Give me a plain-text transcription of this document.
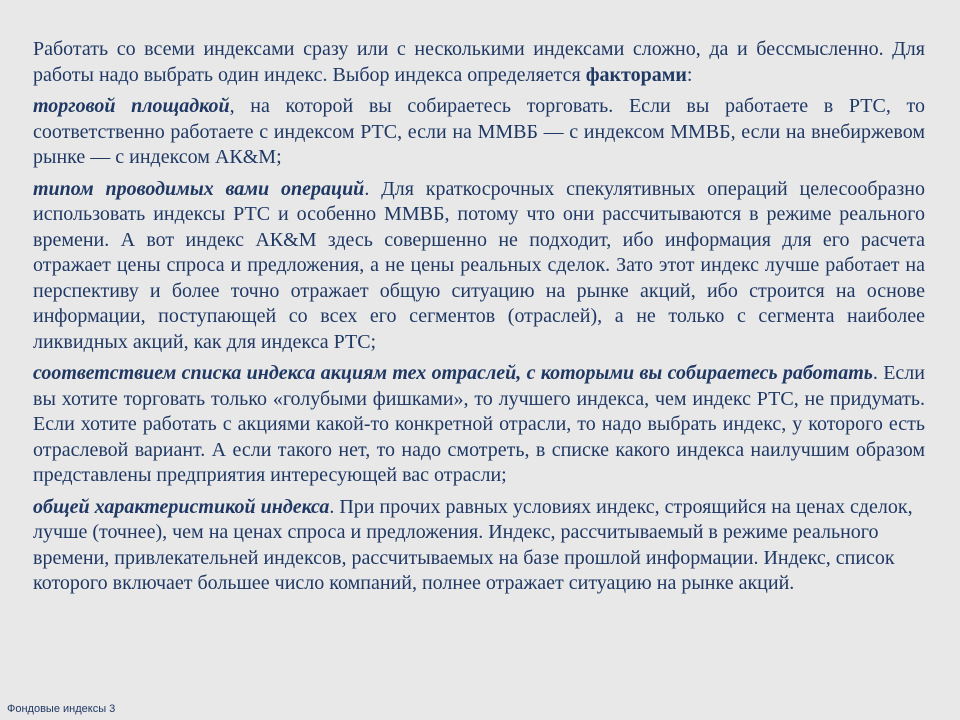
Работать со всеми индексами сразу или с несколькими индексами сложно, да и бессмысленно. Для работы надо выбрать один индекс. Выбор индекса определяется факторами:

торговой площадкой, на которой вы собираетесь торговать. Если вы работаете в РТС, то соответственно работаете с индексом РТС, если на ММВБ — с индексом ММВБ, если на внебиржевом рынке — с индексом АК&М;

типом проводимых вами операций. Для краткосрочных спекулятивных операций целесообразно использовать индексы РТС и особенно ММВБ, потому что они рассчитываются в режиме реального времени. А вот индекс АК&М здесь совершенно не подходит, ибо информация для его расчета отражает цены спроса и предложения, а не цены реальных сделок. Зато этот индекс лучше работает на перспективу и более точно отражает общую ситуацию на рынке акций, ибо строится на основе информации, поступающей со всех его сегментов (отраслей), а не только с сегмента наиболее ликвидных акций, как для индекса РТС;

соответствием списка индекса акциям тех отраслей, с которыми вы собираетесь работать. Если вы хотите торговать только «голубыми фишками», то лучшего индекса, чем индекс РТС, не придумать. Если хотите работать с акциями какой-то конкретной отрасли, то надо выбрать индекс, у которого есть отраслевой вариант. А если такого нет, то надо смотреть, в списке какого индекса наилучшим образом представлены предприятия интересующей вас отрасли;

общей характеристикой индекса. При прочих равных условиях индекс, строящийся на ценах сделок, лучше (точнее), чем на ценах спроса и предложения. Индекс, рассчитываемый в режиме реального времени, привлекательней индексов, рассчитываемых на базе прошлой информации. Индекс, список которого включает большее число компаний, полнее отражает ситуацию на рынке акций.

Фондовые индексы 3
